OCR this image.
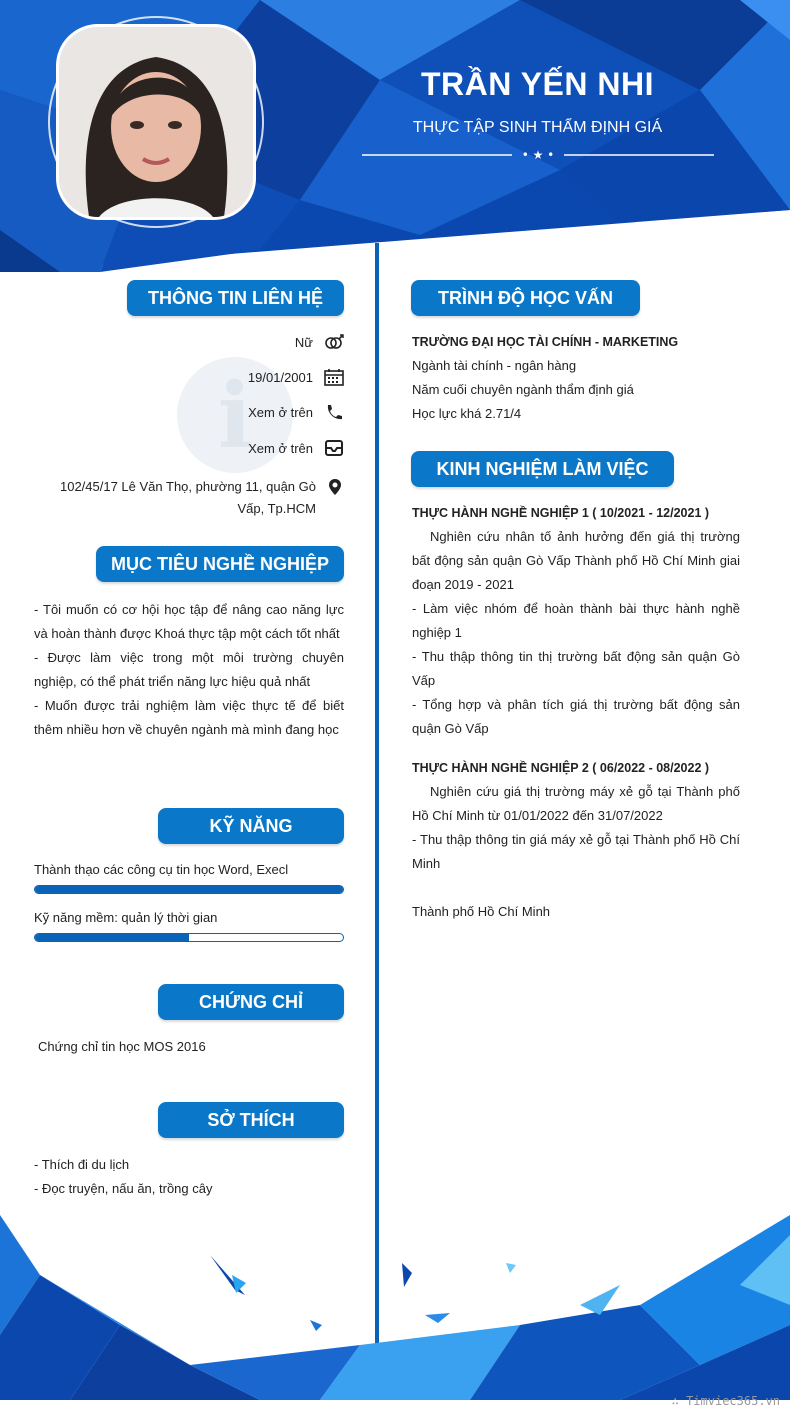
TRẦN YẾN NHI
THỰC TẬP SINH THẨM ĐỊNH GIÁ
• ★ •
THÔNG TIN LIÊN HỆ
i
Nữ
19/01/2001
Xem ở trên
Xem ở trên
102/45/17 Lê Văn Thọ, phường 11, quận Gò Vấp, Tp.HCM
MỤC TIÊU NGHỀ NGHIỆP
- Tôi muốn có cơ hội học tập để nâng cao năng lực và hoàn thành được Khoá thực tập một cách tốt nhất
- Được làm việc trong một môi trường chuyên nghiệp, có thể phát triển năng lực hiệu quả nhất
- Muốn được trải nghiệm làm việc thực tế để biết thêm nhiều hơn về chuyên ngành mà mình đang học
KỸ NĂNG
Thành thạo các công cụ tin học Word, Execl
Kỹ năng mềm: quản lý thời gian
CHỨNG CHỈ
Chứng chỉ tin học MOS 2016
SỞ THÍCH
- Thích đi du lịch
- Đọc truyện, nấu ăn, trồng cây
TRÌNH ĐỘ HỌC VẤN
TRƯỜNG ĐẠI HỌC TÀI CHÍNH - MARKETING
Ngành tài chính - ngân hàng
Năm cuối chuyên ngành thẩm định giá
Học lực khá 2.71/4
KINH NGHIỆM LÀM VIỆC
THỰC HÀNH NGHỀ NGHIỆP 1 ( 10/2021 - 12/2021 )
Nghiên cứu nhân tố ảnh hưởng đến giá thị trường bất động sản quận Gò Vấp Thành phố Hồ Chí Minh giai đoạn 2019 - 2021
- Làm việc nhóm để hoàn thành bài thực hành nghề nghiệp 1
- Thu thập thông tin thị trường bất động sản quận Gò Vấp
- Tổng hợp và phân tích giá thị trường bất động sản quận Gò Vấp
THỰC HÀNH NGHỀ NGHIỆP 2 ( 06/2022 - 08/2022 )
Nghiên cứu giá thị trường máy xẻ gỗ tại Thành phố Hồ Chí Minh từ 01/01/2022 đến 31/07/2022
- Thu thập thông tin giá máy xẻ gỗ tại Thành phố Hồ Chí Minh
Thành phố Hồ Chí Minh
∴ Timviec365.vn
